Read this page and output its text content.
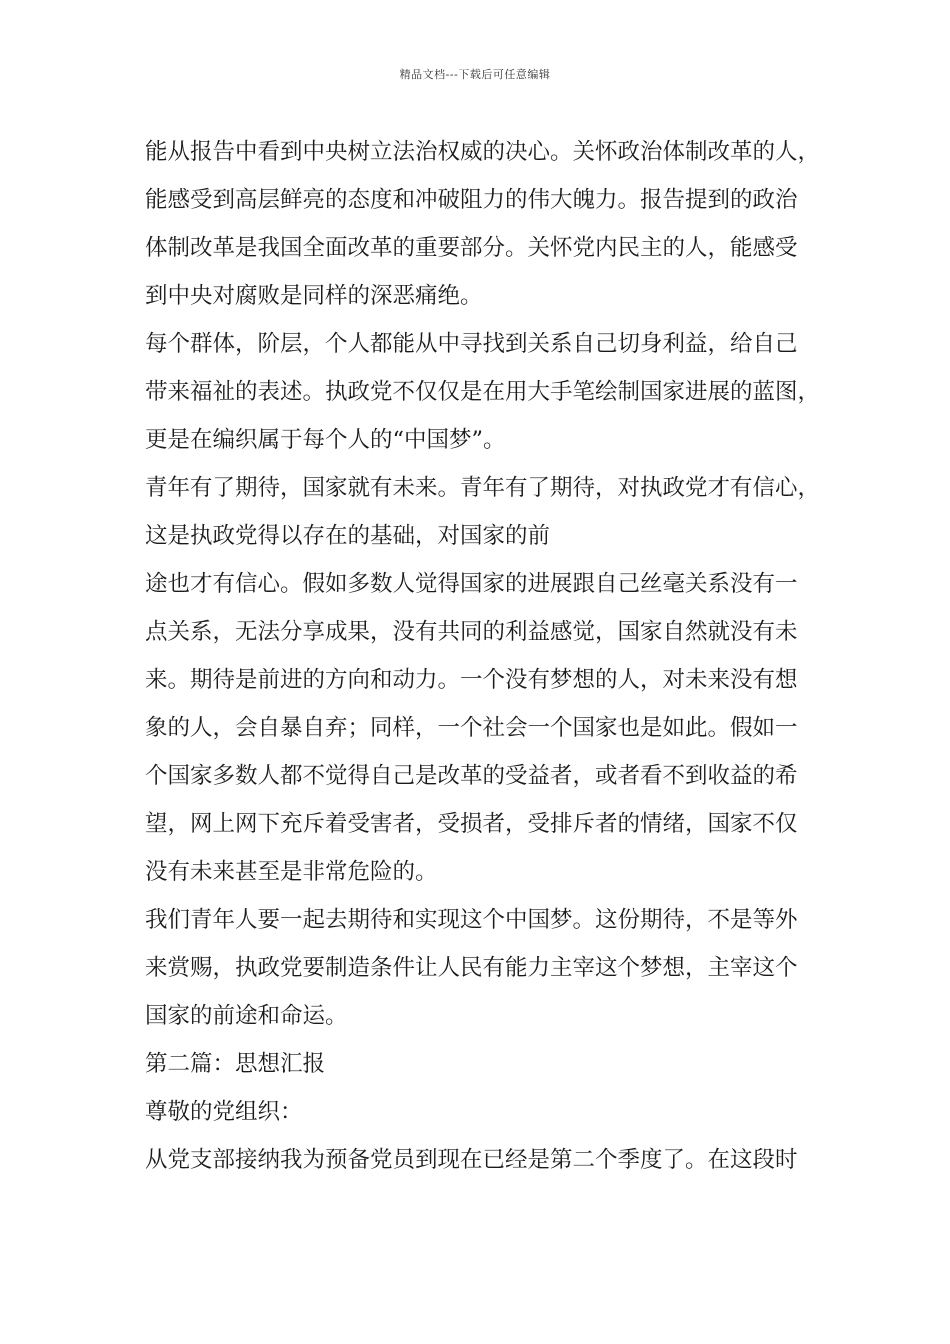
精品文档---下载后可任意编辑
能从报告中看到中央树立法治权威的决心。关怀政治体制改革的人，
能感受到高层鲜亮的态度和冲破阻力的伟大魄力。报告提到的政治
体制改革是我国全面改革的重要部分。关怀党内民主的人，能感受
到中央对腐败是同样的深恶痛绝。
每个群体，阶层，个人都能从中寻找到关系自己切身利益，给自己
带来福祉的表述。执政党不仅仅是在用大手笔绘制国家进展的蓝图，
更是在编织属于每个人的“中国梦”。
青年有了期待，国家就有未来。青年有了期待，对执政党才有信心，
这是执政党得以存在的基础，对国家的前
途也才有信心。假如多数人觉得国家的进展跟自己丝毫关系没有一
点关系，无法分享成果，没有共同的利益感觉，国家自然就没有未
来。期待是前进的方向和动力。一个没有梦想的人，对未来没有想
象的人，会自暴自弃；同样，一个社会一个国家也是如此。假如一
个国家多数人都不觉得自己是改革的受益者，或者看不到收益的希
望，网上网下充斥着受害者，受损者，受排斥者的情绪，国家不仅
没有未来甚至是非常危险的。
我们青年人要一起去期待和实现这个中国梦。这份期待，不是等外
来赏赐，执政党要制造条件让人民有能力主宰这个梦想，主宰这个
国家的前途和命运。
第二篇：思想汇报
尊敬的党组织：
从党支部接纳我为预备党员到现在已经是第二个季度了。在这段时
